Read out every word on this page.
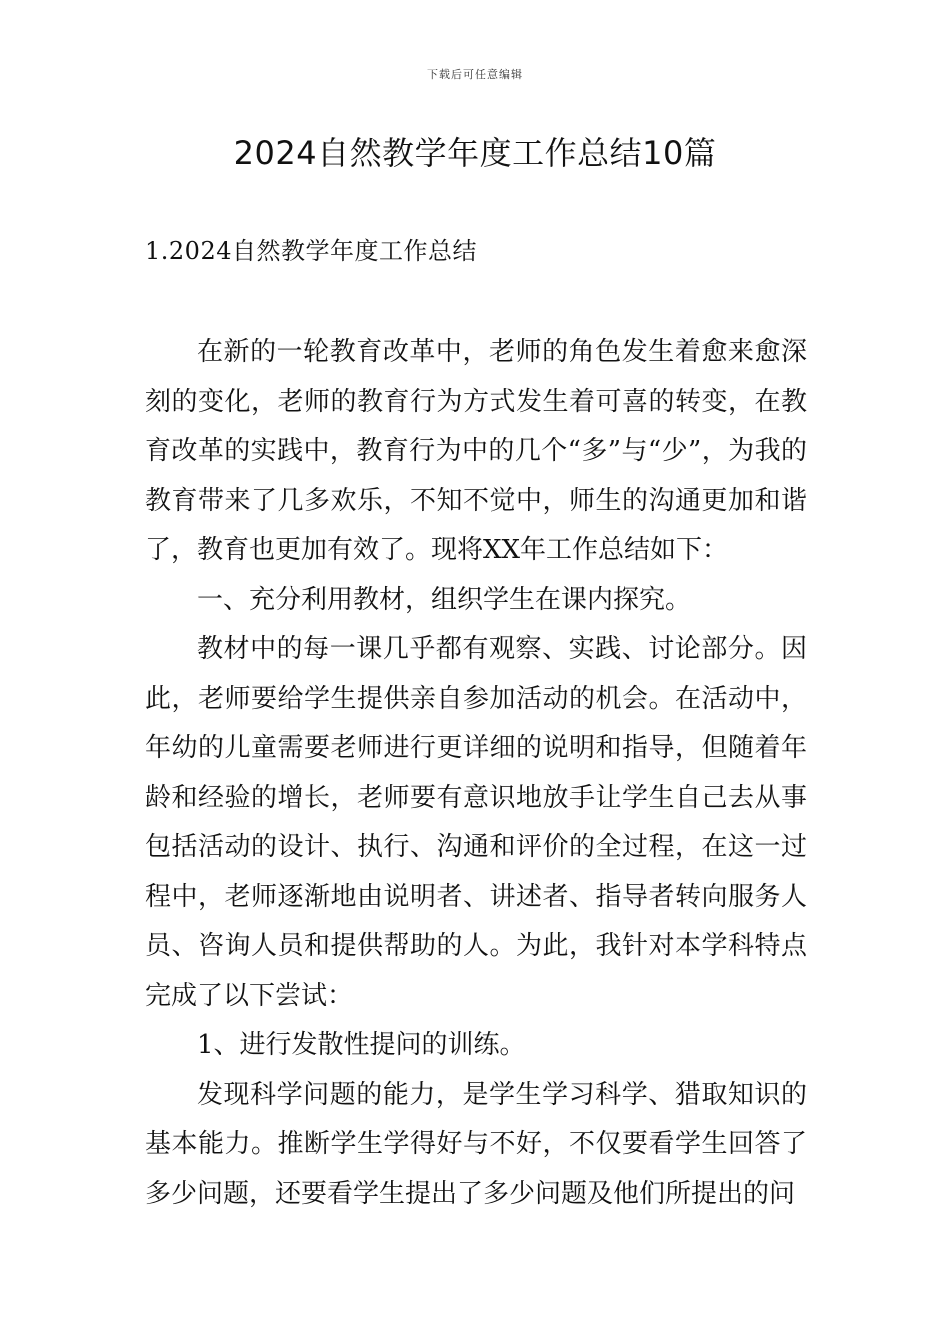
下载后可任意编辑
2024自然教学年度工作总结10篇
1.2024自然教学年度工作总结

在新的一轮教育改革中，老师的角色发生着愈来愈深刻的变化，老师的教育行为方式发生着可喜的转变，在教育改革的实践中，教育行为中的几个“多”与“少”，为我的教育带来了几多欢乐，不知不觉中，师生的沟通更加和谐了，教育也更加有效了。现将XX年工作总结如下：

一、充分利用教材，组织学生在课内探究。

教材中的每一课几乎都有观察、实践、讨论部分。因此，老师要给学生提供亲自参加活动的机会。在活动中，年幼的儿童需要老师进行更详细的说明和指导，但随着年龄和经验的增长，老师要有意识地放手让学生自己去从事包括活动的设计、执行、沟通和评价的全过程，在这一过程中，老师逐渐地由说明者、讲述者、指导者转向服务人员、咨询人员和提供帮助的人。为此，我针对本学科特点完成了以下尝试：

1、进行发散性提问的训练。

发现科学问题的能力，是学生学习科学、猎取知识的基本能力。推断学生学得好与不好，不仅要看学生回答了多少问题，还要看学生提出了多少问题及他们所提出的问
